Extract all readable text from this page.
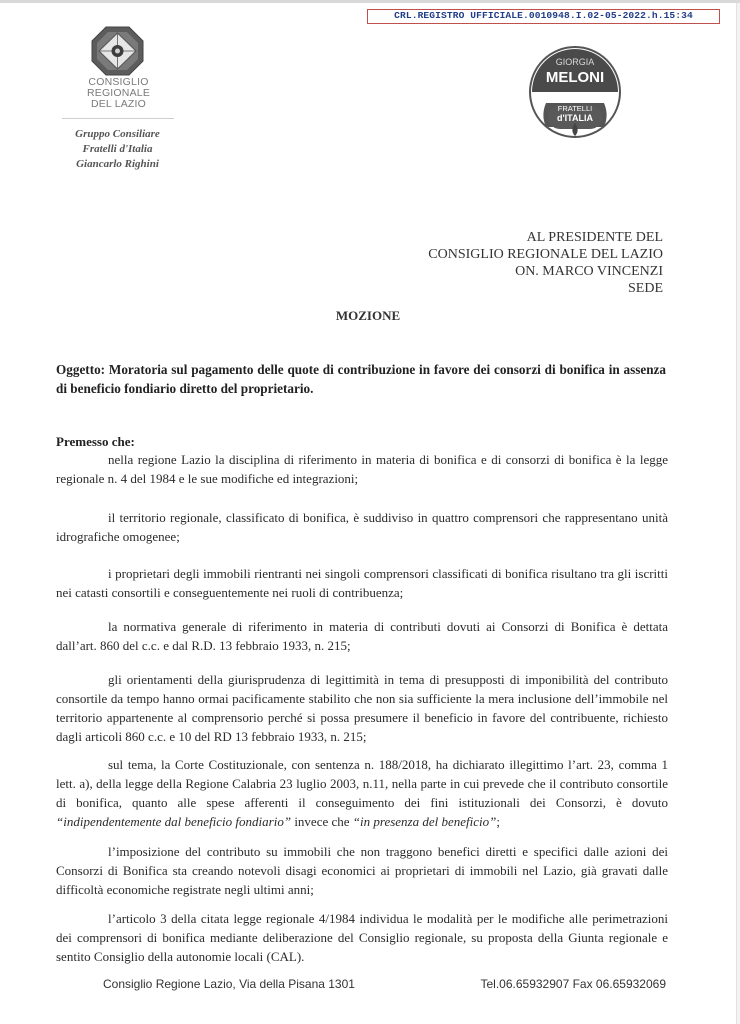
CRL.REGISTRO UFFICIALE.0010948.I.02-05-2022.h.15:34
CONSIGLIO
REGIONALE
DEL LAZIO
Gruppo Consiliare
Fratelli d'Italia
Giancarlo Righini
GIORGIA
MELONI
FRATELLI
d'ITALIA
AL PRESIDENTE DEL
CONSIGLIO REGIONALE DEL LAZIO
ON. MARCO VINCENZI
SEDE
MOZIONE
Oggetto: Moratoria sul pagamento delle quote di contribuzione in favore dei consorzi di bonifica in assenza di beneficio fondiario diretto del proprietario.
Premesso che:
nella regione Lazio la disciplina di riferimento in materia di bonifica e di consorzi di bonifica è la legge regionale n. 4 del 1984 e le sue modifiche ed integrazioni;
il territorio regionale, classificato di bonifica, è suddiviso in quattro comprensori che rappresentano unità idrografiche omogenee;
i proprietari degli immobili rientranti nei singoli comprensori classificati di bonifica risultano tra gli iscritti nei catasti consortili e conseguentemente nei ruoli di contribuenza;
la normativa generale di riferimento in materia di contributi dovuti ai Consorzi di Bonifica è dettata dall’art. 860 del c.c. e dal R.D. 13 febbraio 1933, n. 215;
gli orientamenti della giurisprudenza di legittimità in tema di presupposti di imponibilità del contributo consortile da tempo hanno ormai pacificamente stabilito che non sia sufficiente la mera inclusione dell’immobile nel territorio appartenente al comprensorio perché si possa presumere il beneficio in favore del contribuente, richiesto dagli articoli 860 c.c. e 10 del RD 13 febbraio 1933, n. 215;
sul tema, la Corte Costituzionale, con sentenza n. 188/2018, ha dichiarato illegittimo l’art. 23, comma 1 lett. a), della legge della Regione Calabria 23 luglio 2003, n.11, nella parte in cui prevede che il contributo consortile di bonifica, quanto alle spese afferenti il conseguimento dei fini istituzionali dei Consorzi, è dovuto “indipendentemente dal beneficio fondiario” invece che “in presenza del beneficio”;
l’imposizione del contributo su immobili che non traggono benefici diretti e specifici dalle azioni dei Consorzi di Bonifica sta creando notevoli disagi economici ai proprietari di immobili nel Lazio, già gravati dalle difficoltà economiche registrate negli ultimi anni;
l’articolo 3 della citata legge regionale 4/1984 individua le modalità per le modifiche alle perimetrazioni dei comprensori di bonifica mediante deliberazione del Consiglio regionale, su proposta della Giunta regionale e sentito Consiglio della autonomie locali (CAL).
Consiglio Regione Lazio, Via della Pisana 1301	Tel.06.65932907 Fax 06.65932069
